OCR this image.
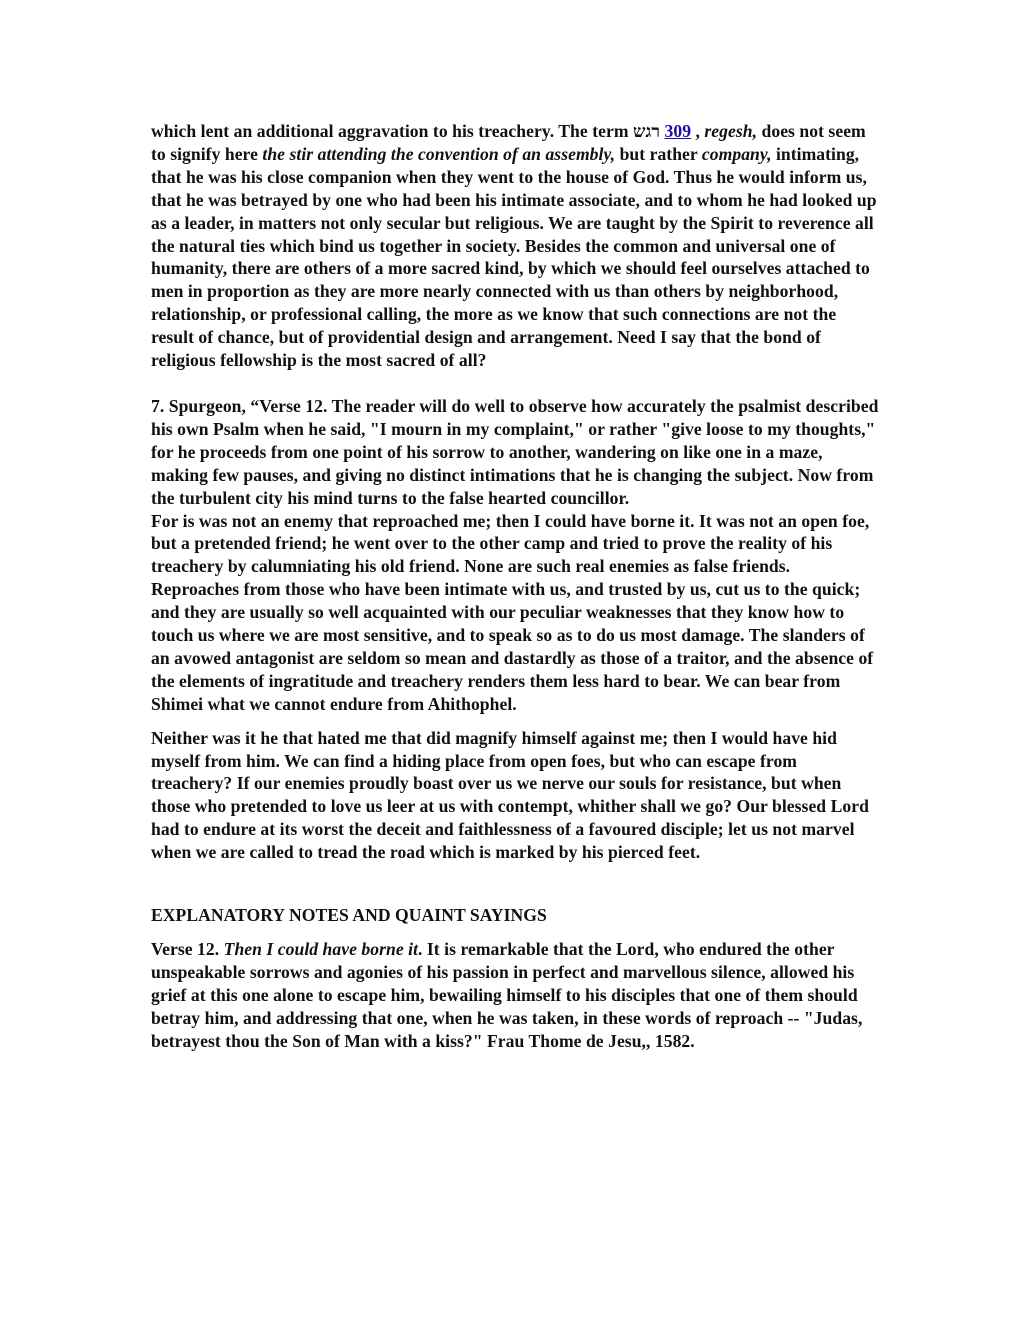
which lent an additional aggravation to his treachery. The term רגש 309 , regesh, does not seem to signify here the stir attending the convention of an assembly, but rather company, intimating, that he was his close companion when they went to the house of God. Thus he would inform us, that he was betrayed by one who had been his intimate associate, and to whom he had looked up as a leader, in matters not only secular but religious. We are taught by the Spirit to reverence all the natural ties which bind us together in society. Besides the common and universal one of humanity, there are others of a more sacred kind, by which we should feel ourselves attached to men in proportion as they are more nearly connected with us than others by neighborhood, relationship, or professional calling, the more as we know that such connections are not the result of chance, but of providential design and arrangement. Need I say that the bond of religious fellowship is the most sacred of all?

7. Spurgeon, “Verse 12. The reader will do well to observe how accurately the psalmist described his own Psalm when he said, "I mourn in my complaint," or rather "give loose to my thoughts," for he proceeds from one point of his sorrow to another, wandering on like one in a maze, making few pauses, and giving no distinct intimations that he is changing the subject. Now from the turbulent city his mind turns to the false hearted councillor.

For is was not an enemy that reproached me; then I could have borne it. It was not an open foe, but a pretended friend; he went over to the other camp and tried to prove the reality of his treachery by calumniating his old friend. None are such real enemies as false friends. Reproaches from those who have been intimate with us, and trusted by us, cut us to the quick; and they are usually so well acquainted with our peculiar weaknesses that they know how to touch us where we are most sensitive, and to speak so as to do us most damage. The slanders of an avowed antagonist are seldom so mean and dastardly as those of a traitor, and the absence of the elements of ingratitude and treachery renders them less hard to bear. We can bear from Shimei what we cannot endure from Ahithophel.

Neither was it he that hated me that did magnify himself against me; then I would have hid myself from him. We can find a hiding place from open foes, but who can escape from treachery? If our enemies proudly boast over us we nerve our souls for resistance, but when those who pretended to love us leer at us with contempt, whither shall we go? Our blessed Lord had to endure at its worst the deceit and faithlessness of a favoured disciple; let us not marvel when we are called to tread the road which is marked by his pierced feet.

EXPLANATORY NOTES AND QUAINT SAYINGS

Verse 12. Then I could have borne it. It is remarkable that the Lord, who endured the other unspeakable sorrows and agonies of his passion in perfect and marvellous silence, allowed his grief at this one alone to escape him, bewailing himself to his disciples that one of them should betray him, and addressing that one, when he was taken, in these words of reproach -- "Judas, betrayest thou the Son of Man with a kiss?" Frau Thome de Jesu,, 1582.
